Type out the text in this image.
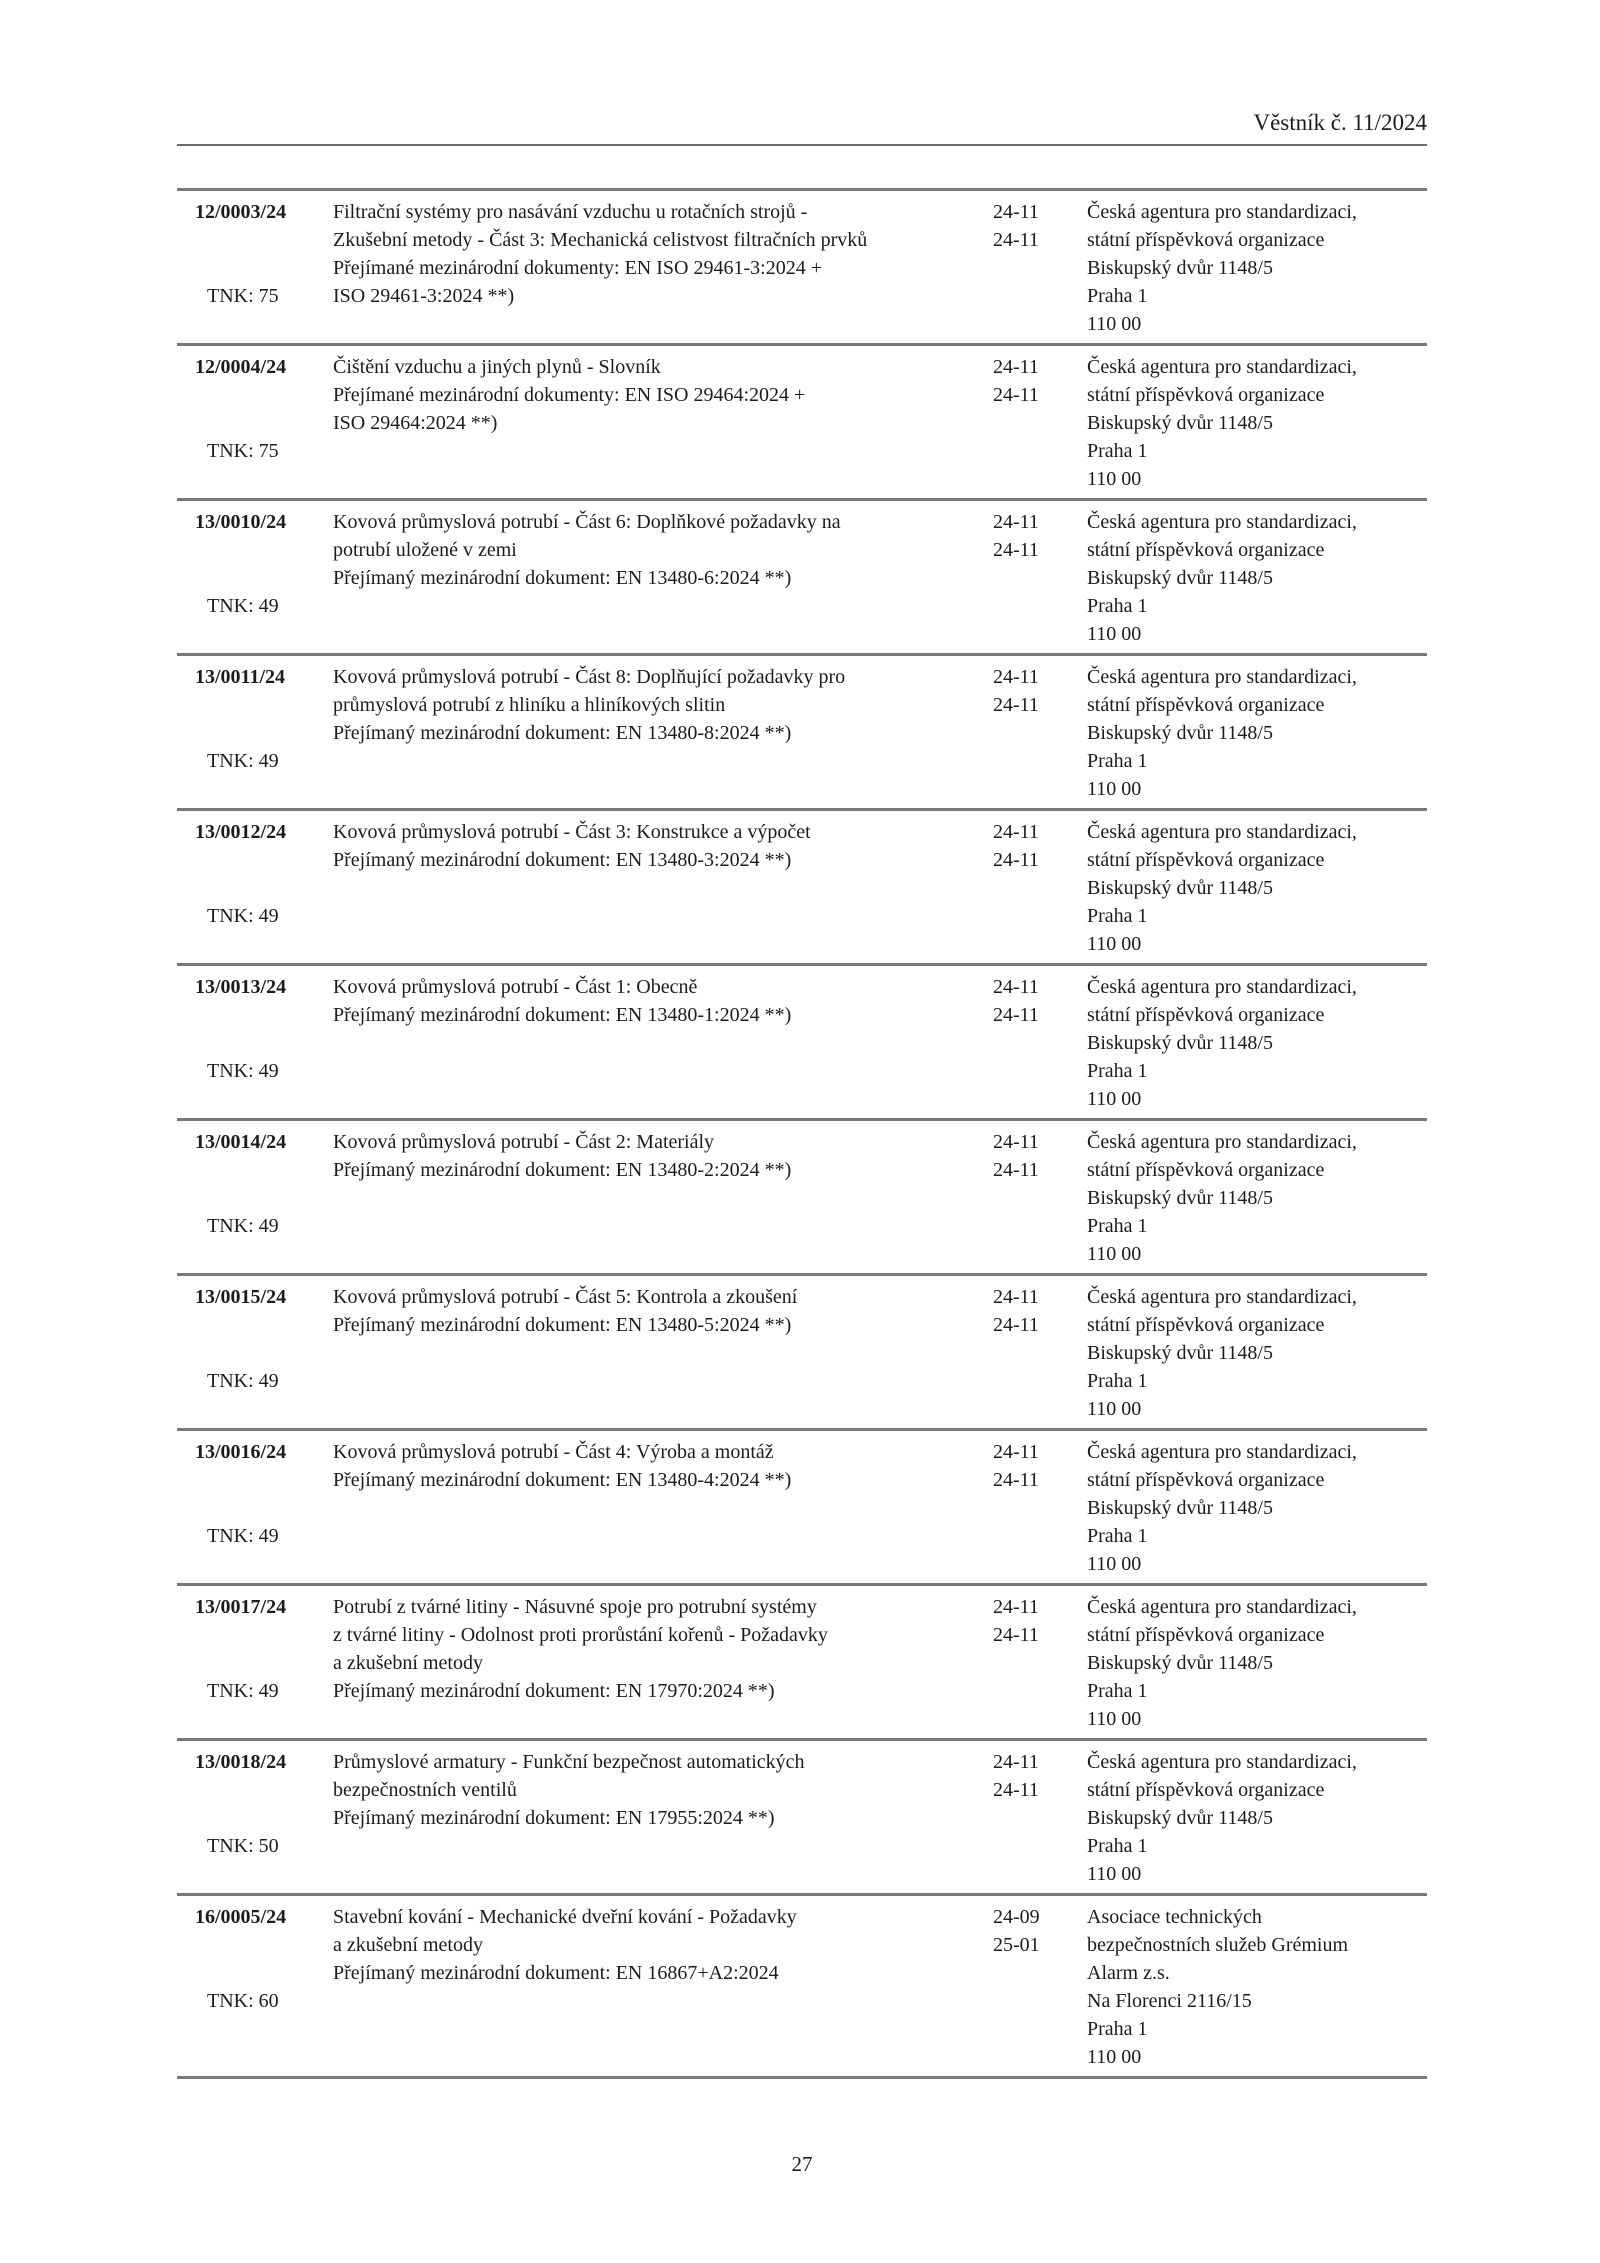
Věstník č. 11/2024
12/0003/24
TNK: 75
Filtrační systémy pro nasávání vzduchu u rotačních strojů -
Zkušební metody - Část 3: Mechanická celistvost filtračních prvků
Přejímané mezinárodní dokumenty: EN ISO 29461-3:2024 +
ISO 29461-3:2024 **)
24-11
24-11
Česká agentura pro standardizaci,
státní příspěvková organizace
Biskupský dvůr 1148/5
Praha 1
110 00
12/0004/24
TNK: 75
Čištění vzduchu a jiných plynů - Slovník
Přejímané mezinárodní dokumenty: EN ISO 29464:2024 +
ISO 29464:2024 **)
24-11
24-11
Česká agentura pro standardizaci,
státní příspěvková organizace
Biskupský dvůr 1148/5
Praha 1
110 00
13/0010/24
TNK: 49
Kovová průmyslová potrubí - Část 6: Doplňkové požadavky na
potrubí uložené v zemi
Přejímaný mezinárodní dokument: EN 13480-6:2024 **)
24-11
24-11
Česká agentura pro standardizaci,
státní příspěvková organizace
Biskupský dvůr 1148/5
Praha 1
110 00
13/0011/24
TNK: 49
Kovová průmyslová potrubí - Část 8: Doplňující požadavky pro
průmyslová potrubí z hliníku a hliníkových slitin
Přejímaný mezinárodní dokument: EN 13480-8:2024 **)
24-11
24-11
Česká agentura pro standardizaci,
státní příspěvková organizace
Biskupský dvůr 1148/5
Praha 1
110 00
13/0012/24
TNK: 49
Kovová průmyslová potrubí - Část 3: Konstrukce a výpočet
Přejímaný mezinárodní dokument: EN 13480-3:2024 **)
24-11
24-11
Česká agentura pro standardizaci,
státní příspěvková organizace
Biskupský dvůr 1148/5
Praha 1
110 00
13/0013/24
TNK: 49
Kovová průmyslová potrubí - Část 1: Obecně
Přejímaný mezinárodní dokument: EN 13480-1:2024 **)
24-11
24-11
Česká agentura pro standardizaci,
státní příspěvková organizace
Biskupský dvůr 1148/5
Praha 1
110 00
13/0014/24
TNK: 49
Kovová průmyslová potrubí - Část 2: Materiály
Přejímaný mezinárodní dokument: EN 13480-2:2024 **)
24-11
24-11
Česká agentura pro standardizaci,
státní příspěvková organizace
Biskupský dvůr 1148/5
Praha 1
110 00
13/0015/24
TNK: 49
Kovová průmyslová potrubí - Část 5: Kontrola a zkoušení
Přejímaný mezinárodní dokument: EN 13480-5:2024 **)
24-11
24-11
Česká agentura pro standardizaci,
státní příspěvková organizace
Biskupský dvůr 1148/5
Praha 1
110 00
13/0016/24
TNK: 49
Kovová průmyslová potrubí - Část 4: Výroba a montáž
Přejímaný mezinárodní dokument: EN 13480-4:2024 **)
24-11
24-11
Česká agentura pro standardizaci,
státní příspěvková organizace
Biskupský dvůr 1148/5
Praha 1
110 00
13/0017/24
TNK: 49
Potrubí z tvárné litiny - Násuvné spoje pro potrubní systémy
z tvárné litiny - Odolnost proti prorůstání kořenů - Požadavky
a zkušební metody
Přejímaný mezinárodní dokument: EN 17970:2024 **)
24-11
24-11
Česká agentura pro standardizaci,
státní příspěvková organizace
Biskupský dvůr 1148/5
Praha 1
110 00
13/0018/24
TNK: 50
Průmyslové armatury - Funkční bezpečnost automatických
bezpečnostních ventilů
Přejímaný mezinárodní dokument: EN 17955:2024 **)
24-11
24-11
Česká agentura pro standardizaci,
státní příspěvková organizace
Biskupský dvůr 1148/5
Praha 1
110 00
16/0005/24
TNK: 60
Stavební kování - Mechanické dveřní kování - Požadavky
a zkušební metody
Přejímaný mezinárodní dokument: EN 16867+A2:2024
24-09
25-01
Asociace technických
bezpečnostních služeb Grémium
Alarm z.s.
Na Florenci 2116/15
Praha 1
110 00
27
